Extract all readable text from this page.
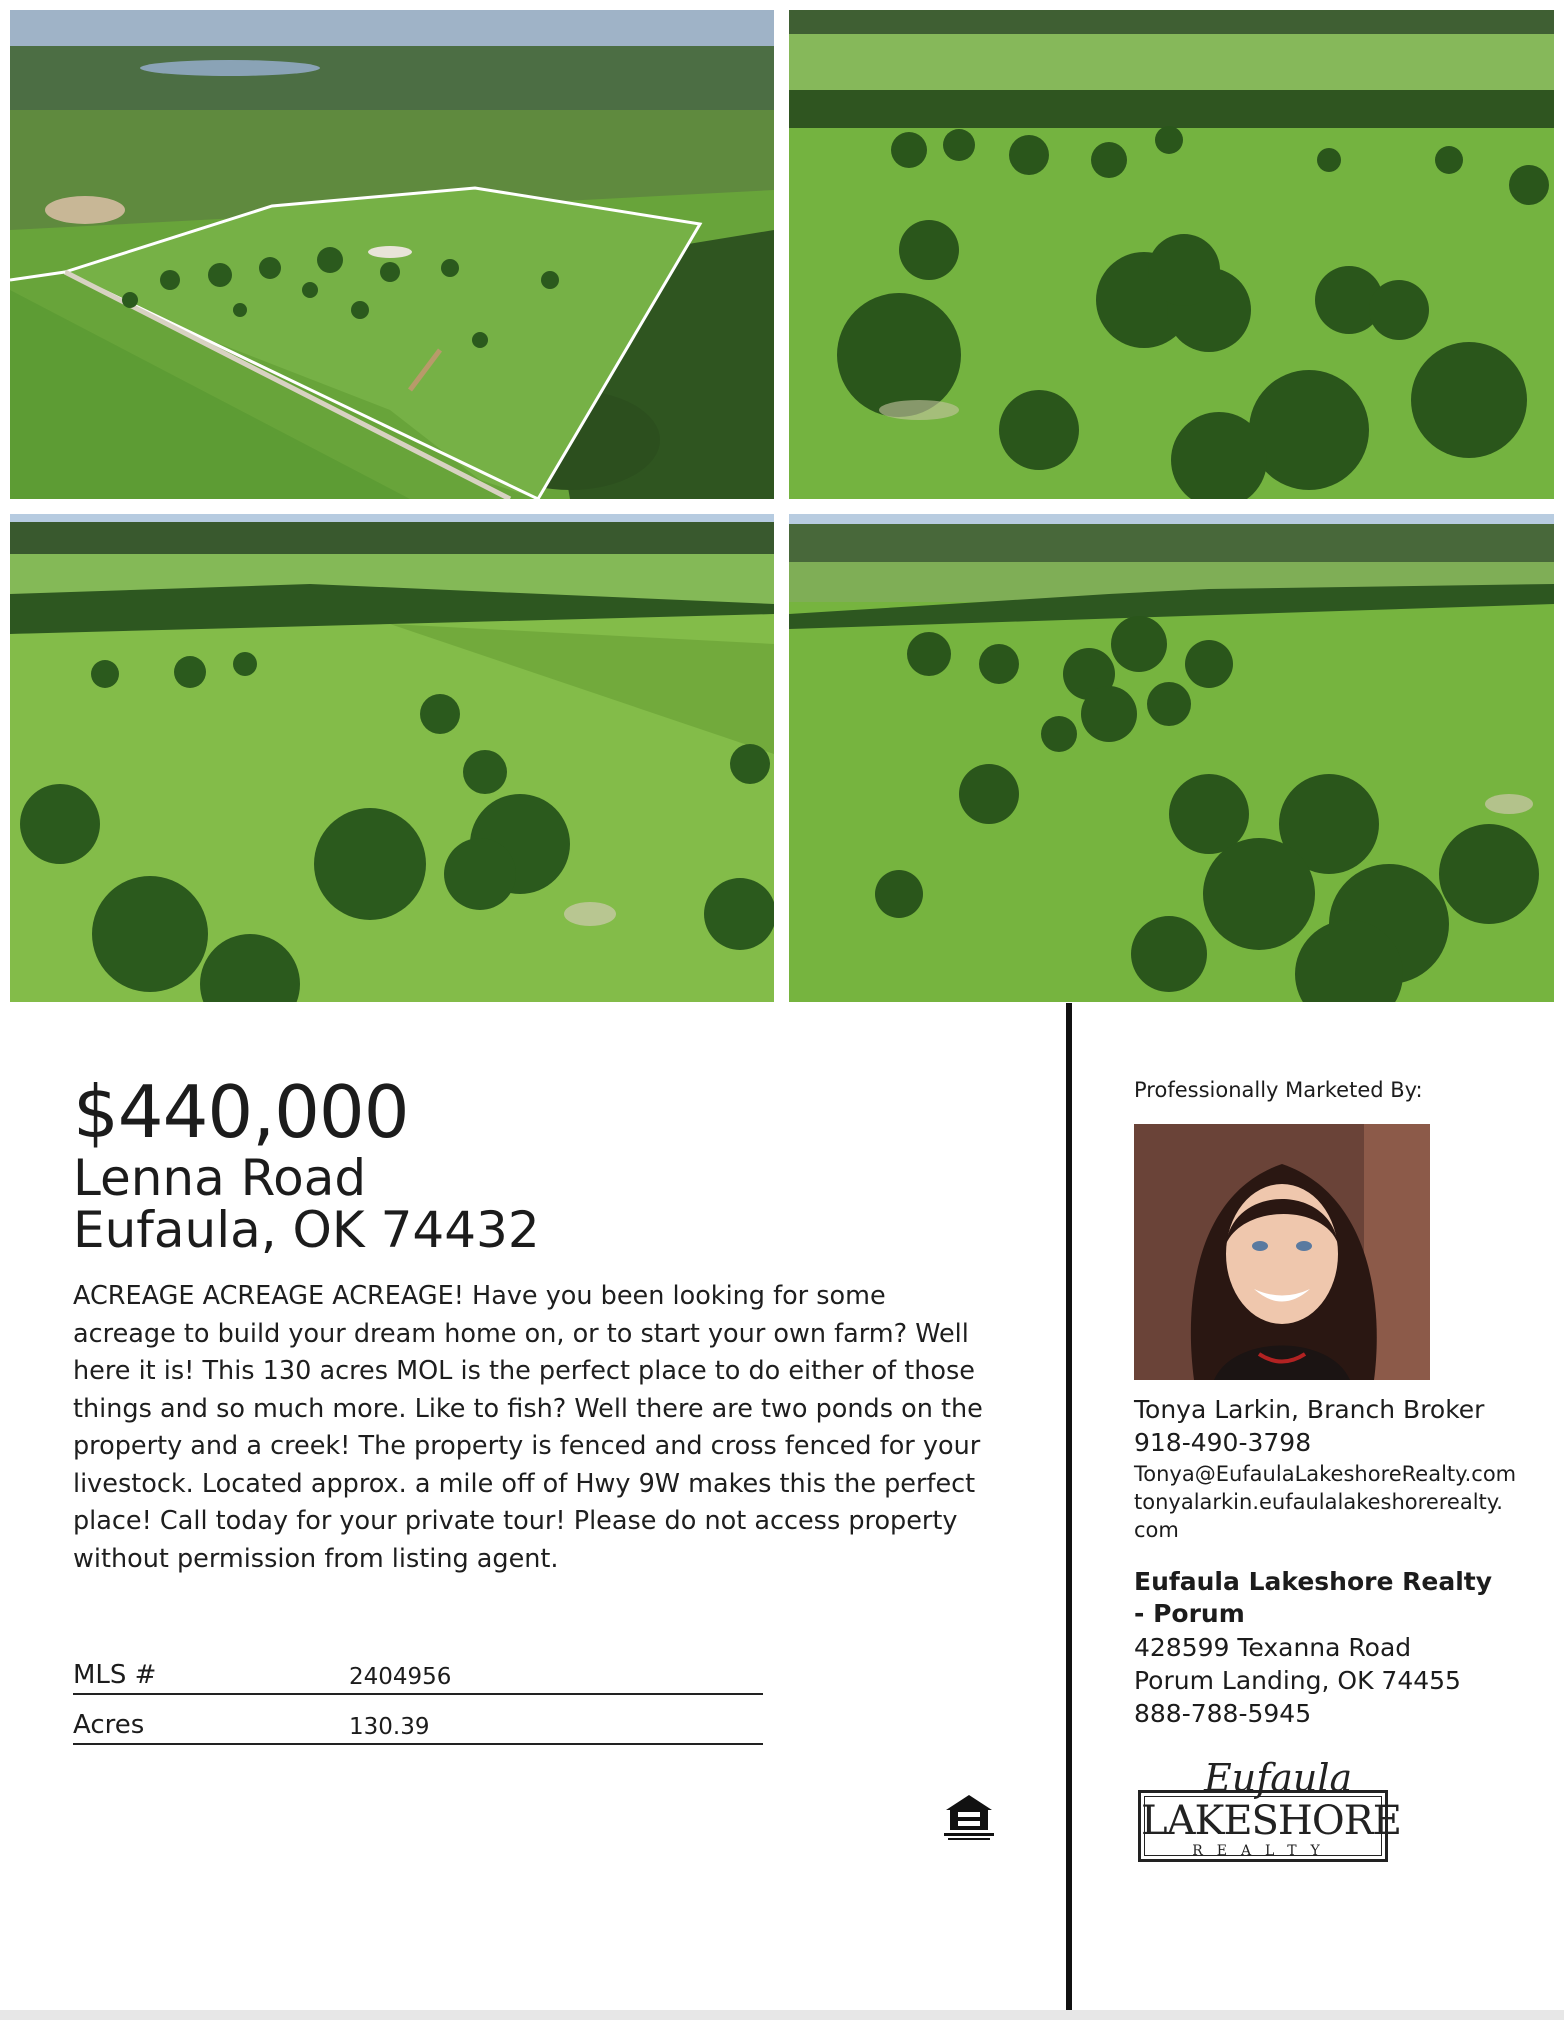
$440,000
Lenna Road
Eufaula, OK 74432
ACREAGE ACREAGE ACREAGE! Have you been looking for some acreage to build your dream home on, or to start your own farm? Well here it is! This 130 acres MOL is the perfect place to do either of those things and so much more. Like to fish? Well there are two ponds on the property and a creek! The property is fenced and cross fenced for your livestock. Located approx. a mile off of Hwy 9W makes this the perfect place! Call today for your private tour! Please do not access property without permission from listing agent.
MLS #	2404956
Acres	130.39
Professionally Marketed By:
Tonya Larkin, Branch Broker
918-490-3798
Tonya@EufaulaLakeshoreRealty.com
tonyalarkin.eufaulalakeshorerealty.com
Eufaula Lakeshore Realty - Porum
428599 Texanna Road
Porum Landing, OK 74455
888-788-5945
Eufaula
LAKESHORE
REALTY
